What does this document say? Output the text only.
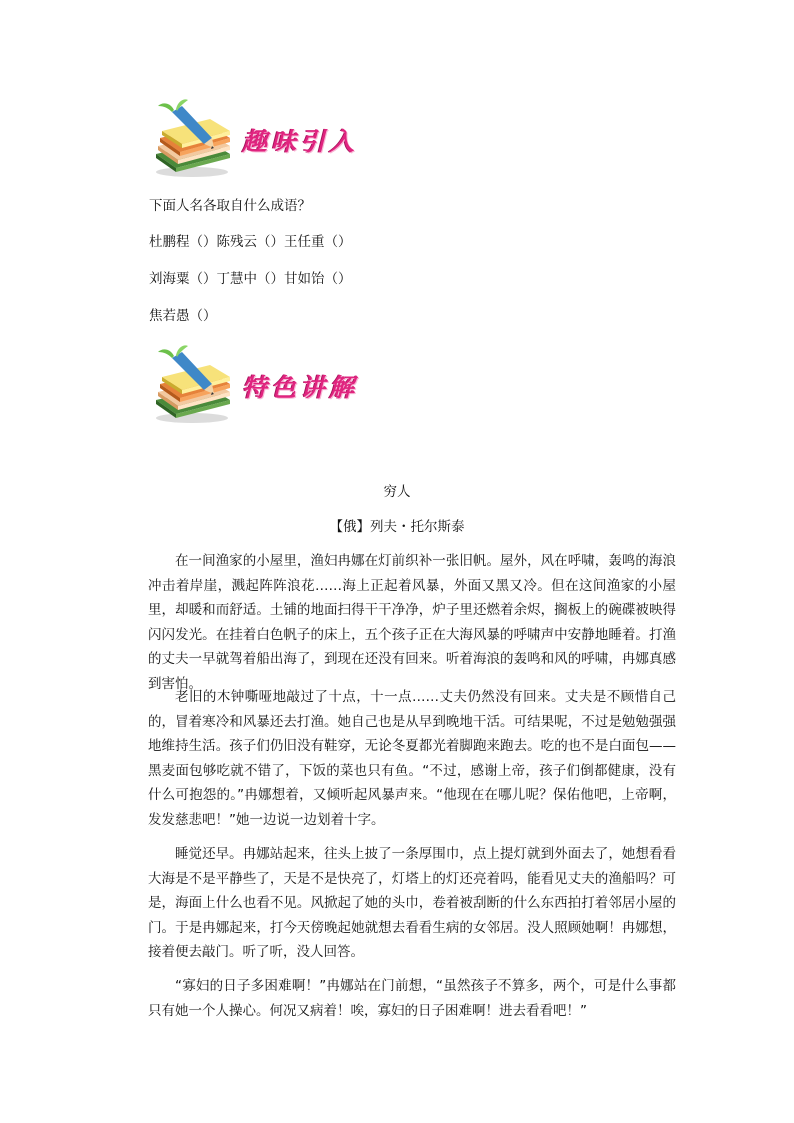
趣味引入
下面人名各取自什么成语？
杜鹏程（）陈残云（）王任重（）
刘海粟（）丁慧中（）甘如饴（）
焦若愚（）
特色讲解
穷人
【俄】列夫・托尔斯泰

在一间渔家的小屋里，渔妇冉娜在灯前织补一张旧帆。屋外，风在呼啸，轰鸣的海浪冲击着岸崖，溅起阵阵浪花……海上正起着风暴，外面又黑又冷。但在这间渔家的小屋里，却暖和而舒适。土铺的地面扫得干干净净，炉子里还燃着余烬，搁板上的碗碟被映得闪闪发光。在挂着白色帆子的床上，五个孩子正在大海风暴的呼啸声中安静地睡着。打渔的丈夫一早就驾着船出海了，到现在还没有回来。听着海浪的轰鸣和风的呼啸，冉娜真感到害怕。

老旧的木钟嘶哑地敲过了十点，十一点……丈夫仍然没有回来。丈夫是不顾惜自己的，冒着寒冷和风暴还去打渔。她自己也是从早到晚地干活。可结果呢，不过是勉勉强强地维持生活。孩子们仍旧没有鞋穿，无论冬夏都光着脚跑来跑去。吃的也不是白面包——黑麦面包够吃就不错了，下饭的菜也只有鱼。“不过，感谢上帝，孩子们倒都健康，没有什么可抱怨的。”冉娜想着，又倾听起风暴声来。“他现在在哪儿呢？保佑他吧，上帝啊，发发慈悲吧！”她一边说一边划着十字。

睡觉还早。冉娜站起来，往头上披了一条厚围巾，点上提灯就到外面去了，她想看看大海是不是平静些了，天是不是快亮了，灯塔上的灯还亮着吗，能看见丈夫的渔船吗？可是，海面上什么也看不见。风掀起了她的头巾，卷着被刮断的什么东西拍打着邻居小屋的门。于是冉娜起来，打今天傍晚起她就想去看看生病的女邻居。没人照顾她啊！冉娜想，接着便去敲门。听了听，没人回答。

“寡妇的日子多困难啊！”冉娜站在门前想，“虽然孩子不算多，两个，可是什么事都只有她一个人操心。何况又病着！唉，寡妇的日子困难啊！进去看看吧！”
